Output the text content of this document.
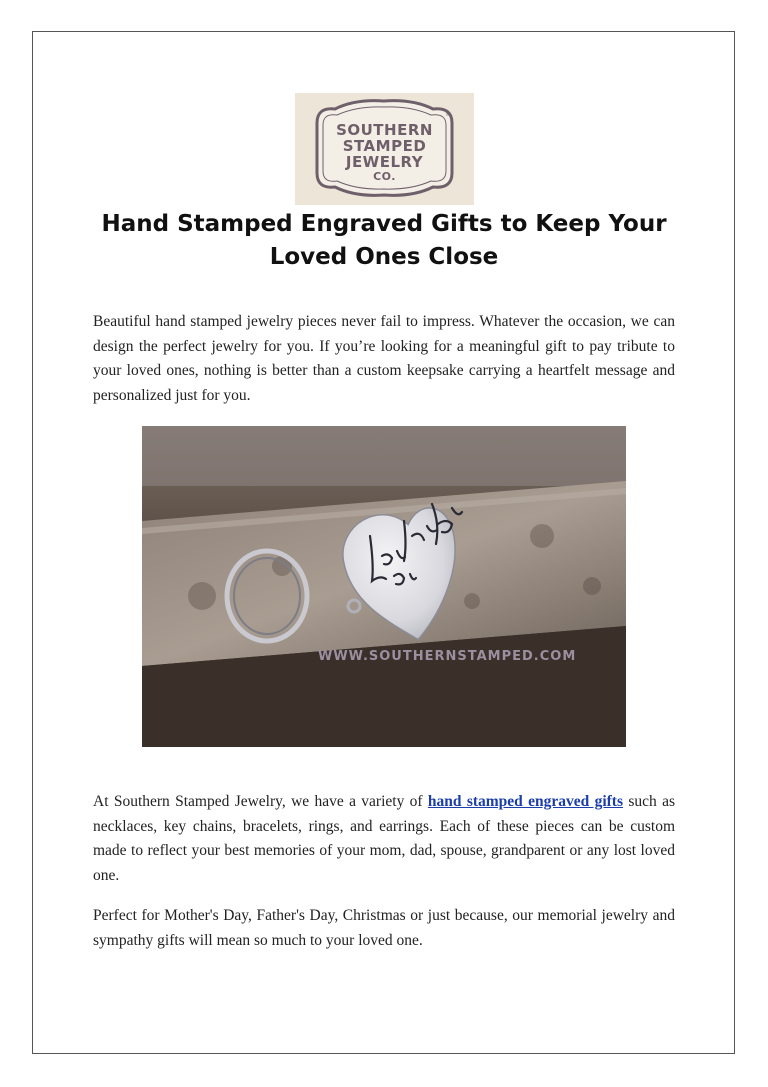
®
SOUTHERN
STAMPED
JEWELRY
CO.
Hand Stamped Engraved Gifts to Keep Your Loved Ones Close

Beautiful hand stamped jewelry pieces never fail to impress. Whatever the occasion, we can design the perfect jewelry for you. If you’re looking for a meaningful gift to pay tribute to your loved ones, nothing is better than a custom keepsake carrying a heartfelt message and personalized just for you.

WWW.SOUTHERNSTAMPED.COM

At Southern Stamped Jewelry, we have a variety of hand stamped engraved gifts such as necklaces, key chains, bracelets, rings, and earrings. Each of these pieces can be custom made to reflect your best memories of your mom, dad, spouse, grandparent or any lost loved one.

Perfect for Mother's Day, Father's Day, Christmas or just because, our memorial jewelry and sympathy gifts will mean so much to your loved one.
